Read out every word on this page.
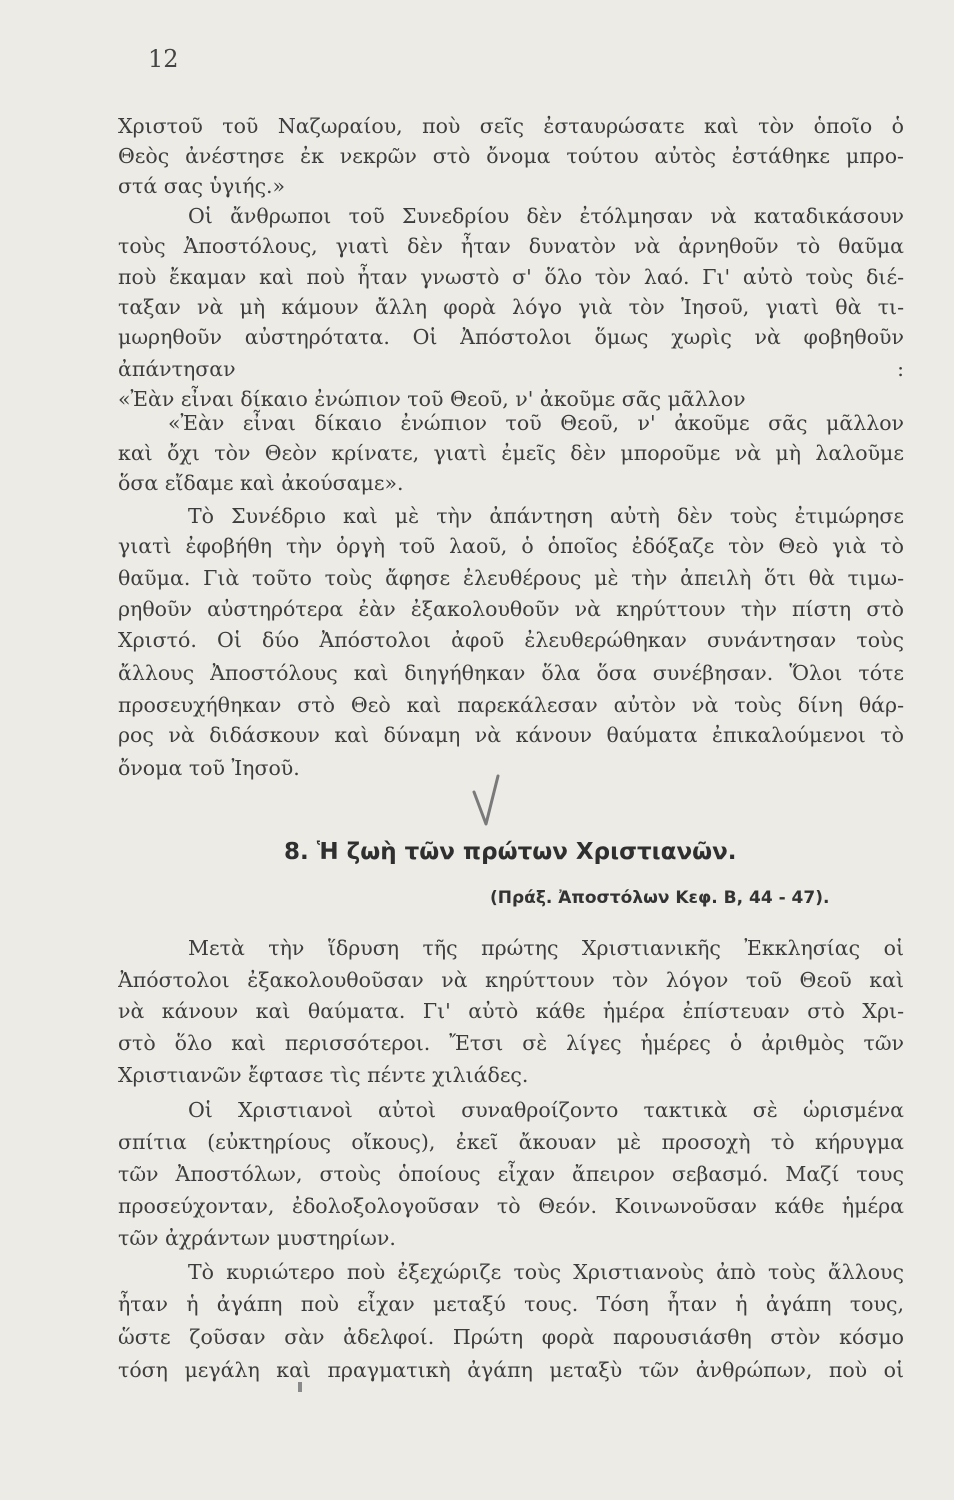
12
Χριστοῦ τοῦ Ναζωραίου, ποὺ σεῖς ἐσταυρώσατε καὶ τὸν ὁποῖο ὁ
Θεὸς ἀνέστησε ἐκ νεκρῶν στὸ ὄνομα τούτου αὐτὸς ἐστάθηκε μπρο-
στά σας ὑγιής.»
Οἱ ἄνθρωποι τοῦ Συνεδρίου δὲν ἐτόλμησαν νὰ καταδικάσουν
τοὺς Ἀποστόλους, γιατὶ δὲν ἦταν δυνατὸν νὰ ἀρνηθοῦν τὸ θαῦμα
ποὺ ἔκαμαν καὶ ποὺ ἦταν γνωστὸ σ' ὅλο τὸν λαό. Γι' αὐτὸ τοὺς διέ-
ταξαν νὰ μὴ κάμουν ἄλλη φορὰ λόγο γιὰ τὸν Ἰησοῦ, γιατὶ θὰ τι-
μωρηθοῦν αὐστηρότατα. Οἱ Ἀπόστολοι ὅμως χωρὶς νὰ φοβηθοῦν
ἀπάντησαν :
«Ἐὰν εἶναι δίκαιο ἐνώπιον τοῦ Θεοῦ, ν' ἀκοῦμε σᾶς μᾶλλον
«Ἐὰν εἶναι δίκαιο ἐνώπιον τοῦ Θεοῦ, ν' ἀκοῦμε σᾶς μᾶλλον
καὶ ὄχι τὸν Θεὸν κρίνατε, γιατὶ ἐμεῖς δὲν μποροῦμε νὰ μὴ λαλοῦμε
ὅσα εἴδαμε καὶ ἀκούσαμε».
Τὸ Συνέδριο καὶ μὲ τὴν ἀπάντηση αὐτὴ δὲν τοὺς ἐτιμώρησε
γιατὶ ἐφοβήθη τὴν ὀργὴ τοῦ λαοῦ, ὁ ὁποῖος ἐδόξαζε τὸν Θεὸ γιὰ τὸ
θαῦμα. Γιὰ τοῦτο τοὺς ἄφησε ἐλευθέρους μὲ τὴν ἀπειλὴ ὅτι θὰ τιμω-
ρηθοῦν αὐστηρότερα ἐὰν ἐξακολουθοῦν νὰ κηρύττουν τὴν πίστη στὸ
Χριστό. Οἱ δύο Ἀπόστολοι ἀφοῦ ἐλευθερώθηκαν συνάντησαν τοὺς
ἄλλους Ἀποστόλους καὶ διηγήθηκαν ὅλα ὅσα συνέβησαν. Ὅλοι τότε
προσευχήθηκαν στὸ Θεὸ καὶ παρεκάλεσαν αὐτὸν νὰ τοὺς δίνη θάρ-
ρος νὰ διδάσκουν καὶ δύναμη νὰ κάνουν θαύματα ἐπικαλούμενοι τὸ
ὄνομα τοῦ Ἰησοῦ.
8. Ἡ ζωὴ τῶν πρώτων Χριστιανῶν.
(Πράξ. Ἀποστόλων Κεφ. Β, 44 - 47).
Μετὰ τὴν ἵδρυση τῆς πρώτης Χριστιανικῆς Ἐκκλησίας οἱ
Ἀπόστολοι ἐξακολουθοῦσαν νὰ κηρύττουν τὸν λόγον τοῦ Θεοῦ καὶ
νὰ κάνουν καὶ θαύματα. Γι' αὐτὸ κάθε ἡμέρα ἐπίστευαν στὸ Χρι-
στὸ ὅλο καὶ περισσότεροι. Ἔτσι σὲ λίγες ἡμέρες ὁ ἀριθμὸς τῶν
Χριστιανῶν ἔφτασε τὶς πέντε χιλιάδες.
Οἱ Χριστιανοὶ αὐτοὶ συναθροίζοντο τακτικὰ σὲ ὡρισμένα
σπίτια (εὐκτηρίους οἴκους), ἐκεῖ ἄκουαν μὲ προσοχὴ τὸ κήρυγμα
τῶν Ἀποστόλων, στοὺς ὁποίους εἶχαν ἄπειρον σεβασμό. Μαζί τους
προσεύχονταν, ἐδολοξολογοῦσαν τὸ Θεόν. Κοινωνοῦσαν κάθε ἡμέρα
τῶν ἀχράντων μυστηρίων.
Τὸ κυριώτερο ποὺ ἐξεχώριζε τοὺς Χριστιανοὺς ἀπὸ τοὺς ἄλλους
ἦταν ἡ ἀγάπη ποὺ εἶχαν μεταξύ τους. Τόση ἦταν ἡ ἀγάπη τους,
ὥστε ζοῦσαν σὰν ἀδελφοί. Πρώτη φορὰ παρουσιάσθη στὸν κόσμο
τόση μεγάλη καὶ πραγματικὴ ἀγάπη μεταξὺ τῶν ἀνθρώπων, ποὺ οἱ
